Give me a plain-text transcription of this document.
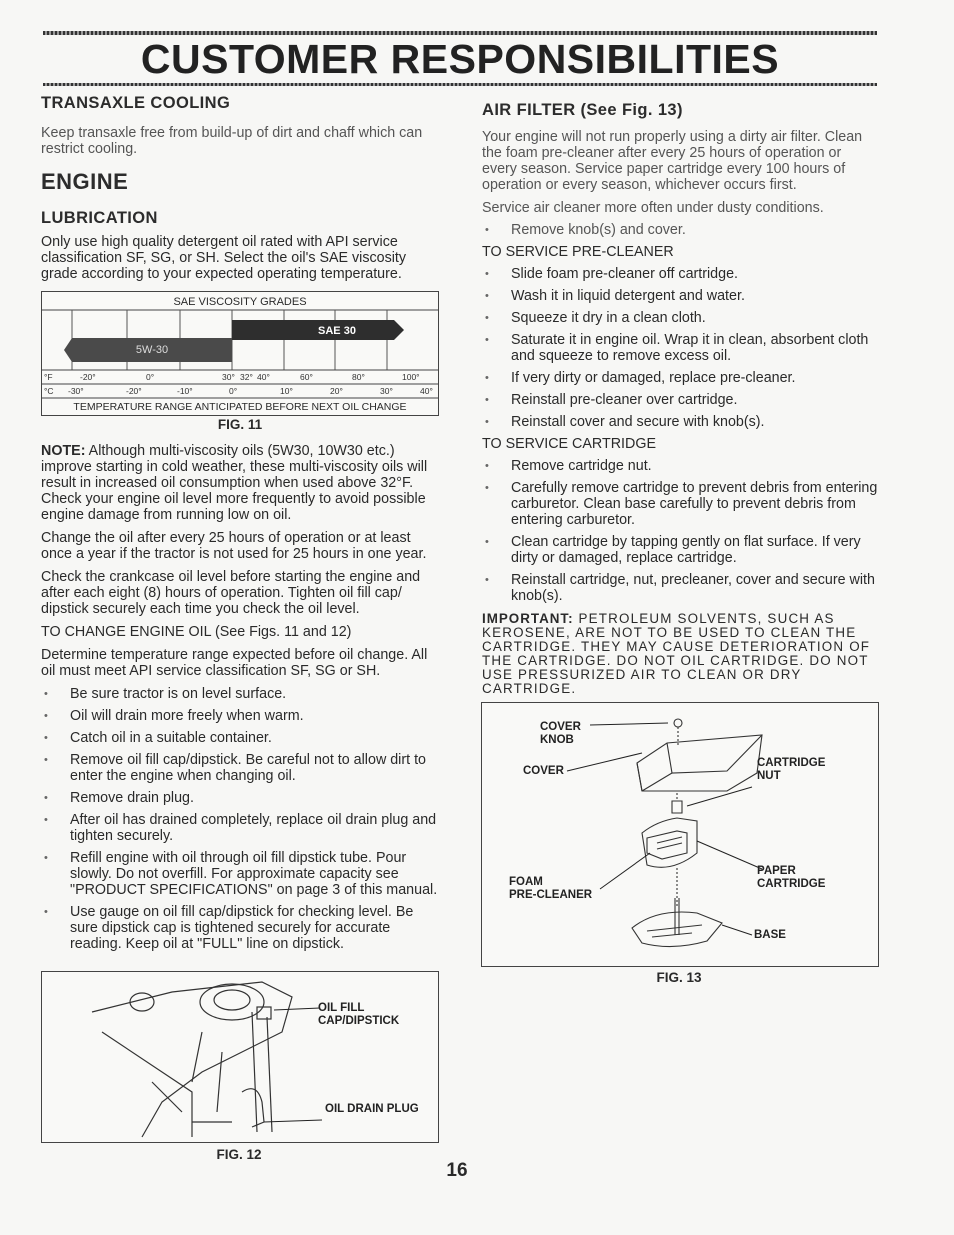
CUSTOMER RESPONSIBILITIES
TRANSAXLE COOLING

Keep transaxle free from build-up of dirt and chaff which can restrict cooling.

ENGINE
LUBRICATION

Only use high quality detergent oil rated with API service classification SF, SG, or SH. Select the oil's SAE viscosity grade according to your expected operating temperature.

SAE VISCOSITY GRADES
SAE 30
5W-30
°F	-20°	0°	30° 32° 40°	60°	80°	100°
°C -30°	-20°	-10°	0°	10°	20°	30°	40°
TEMPERATURE RANGE ANTICIPATED BEFORE NEXT OIL CHANGE
FIG. 11

NOTE: Although multi-viscosity oils (5W30, 10W30 etc.) improve starting in cold weather, these multi-viscosity oils will result in increased oil consumption when used above 32°F. Check your engine oil level more frequently to avoid possible engine damage from running low on oil.

Change the oil after every 25 hours of operation or at least once a year if the tractor is not used for 25 hours in one year.

Check the crankcase oil level before starting the engine and after each eight (8) hours of operation. Tighten oil fill cap/ dipstick securely each time you check the oil level.

TO CHANGE ENGINE OIL (See Figs. 11 and 12)

Determine temperature range expected before oil change. All oil must meet API service classification SF, SG or SH.

• Be sure tractor is on level surface.
• Oil will drain more freely when warm.
• Catch oil in a suitable container.
• Remove oil fill cap/dipstick. Be careful not to allow dirt to enter the engine when changing oil.
• Remove drain plug.
• After oil has drained completely, replace oil drain plug and tighten securely.
• Refill engine with oil through oil fill dipstick tube. Pour slowly. Do not overfill. For approximate capacity see "PRODUCT SPECIFICATIONS" on page 3 of this manual.
• Use gauge on oil fill cap/dipstick for checking level. Be sure dipstick cap is tightened securely for accurate reading. Keep oil at "FULL" line on dipstick.
OIL FILL
CAP/DIPSTICK
OIL DRAIN PLUG
FIG. 12
AIR FILTER (See Fig. 13)

Your engine will not run properly using a dirty air filter. Clean the foam pre-cleaner after every 25 hours of operation or every season. Service paper cartridge every 100 hours of operation or every season, whichever occurs first.

Service air cleaner more often under dusty conditions.

• Remove knob(s) and cover.

TO SERVICE PRE-CLEANER

• Slide foam pre-cleaner off cartridge.
• Wash it in liquid detergent and water.
• Squeeze it dry in a clean cloth.
• Saturate it in engine oil. Wrap it in clean, absorbent cloth and squeeze to remove excess oil.
• If very dirty or damaged, replace pre-cleaner.
• Reinstall pre-cleaner over cartridge.
• Reinstall cover and secure with knob(s).

TO SERVICE CARTRIDGE

• Remove cartridge nut.
• Carefully remove cartridge to prevent debris from entering carburetor. Clean base carefully to prevent debris from entering carburetor.
• Clean cartridge by tapping gently on flat surface. If very dirty or damaged, replace cartridge.
• Reinstall cartridge, nut, precleaner, cover and secure with knob(s).

IMPORTANT: PETROLEUM SOLVENTS, SUCH AS KEROSENE, ARE NOT TO BE USED TO CLEAN THE CARTRIDGE. THEY MAY CAUSE DETERIORATION OF THE CARTRIDGE. DO NOT OIL CARTRIDGE. DO NOT USE PRESSURIZED AIR TO CLEAN OR DRY CARTRIDGE.

COVER
KNOB
COVER
CARTRIDGE
NUT
PAPER
CARTRIDGE
FOAM
PRE-CLEANER
BASE
FIG. 13
16
